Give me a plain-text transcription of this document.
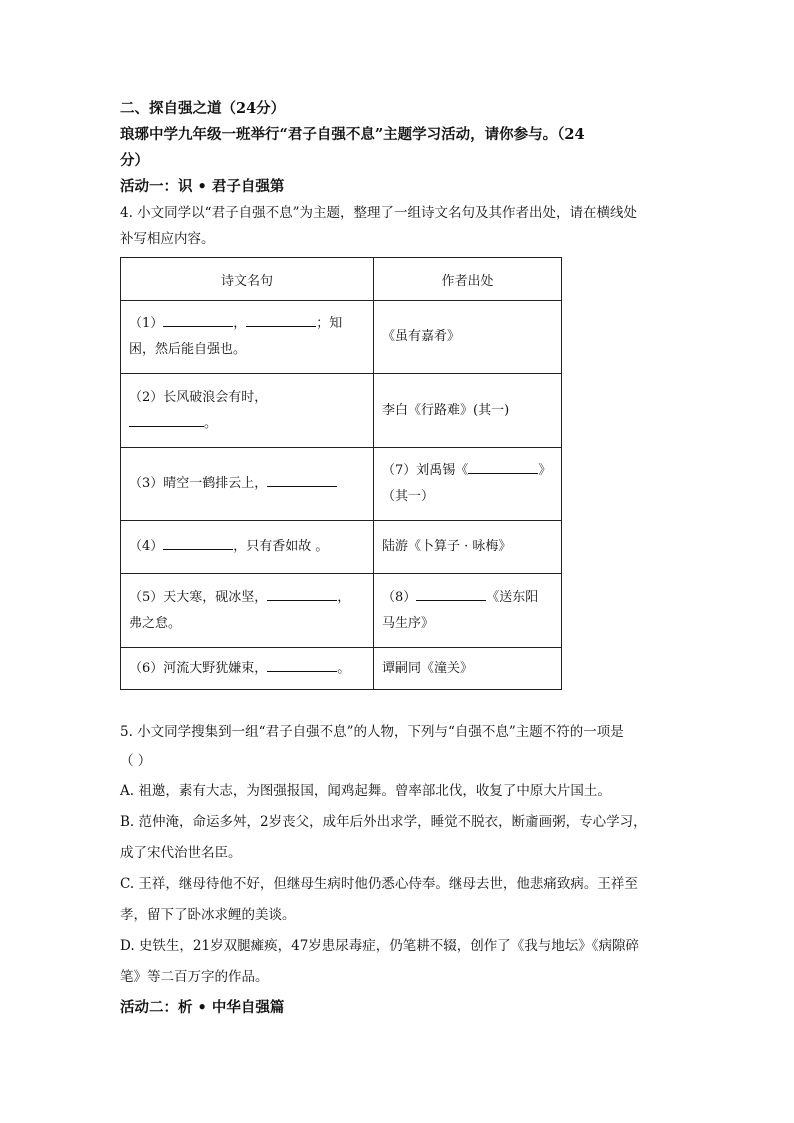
二、探自强之道（24分）
琅琊中学九年级一班举行“君子自强不息”主题学习活动，请你参与。（24
分）
活动一：识 • 君子自强第
4. 小文同学以“君子自强不息”为主题，整理了一组诗文名句及其作者出处，请在横线处
补写相应内容。
诗文名句	作者出处
（1） ， ；知
困，然后能自强也。	《虽有嘉肴》
（2）长风破浪会有时，
。	李白《行路难》(其一)
（3）晴空一鹤排云上，	（7）刘禹锡《 》
（其一）
（4） ，只有香如故 。	陆游《卜算子 · 咏梅》
（5）天大寒，砚冰坚， ，
弗之怠。	（8） 《送东阳
马生序》
（6）河流大野犹嫌束， 。	谭嗣同《潼关》
5. 小文同学搜集到一组“君子自强不息”的人物，下列与“自强不息”主题不符的一项是
（ ）
A. 祖邀，素有大志，为图强报国，闻鸡起舞。曾率部北伐，收复了中原大片国土。
B. 范仲淹，命运多舛，2岁丧父，成年后外出求学，睡觉不脱衣，断齑画粥，专心学习，
成了宋代治世名臣。
C. 王祥，继母待他不好，但继母生病时他仍悉心侍奉。继母去世，他悲痛致病。王祥至
孝，留下了卧冰求鲤的美谈。
D. 史铁生，21岁双腿瘫痪，47岁患尿毒症，仍笔耕不辍，创作了《我与地坛》《病隙碎
笔》等二百万字的作品。
活动二：析 • 中华自强篇
